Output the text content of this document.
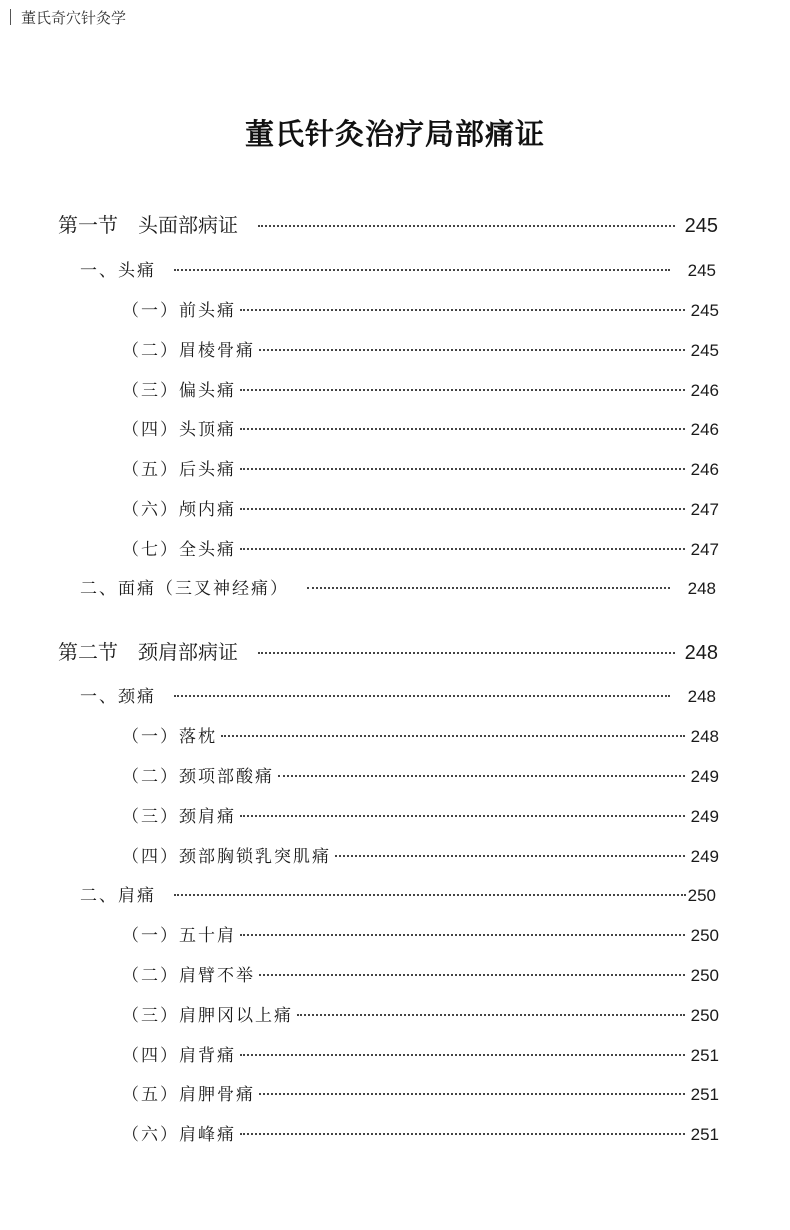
董氏奇穴针灸学
董氏针灸治疗局部痛证
第一节 头面部病证	245
一、头痛	245
（一）前头痛	245
（二）眉棱骨痛	245
（三）偏头痛	246
（四）头顶痛	246
（五）后头痛	246
（六）颅内痛	247
（七）全头痛	247
二、面痛（三叉神经痛）	248
第二节 颈肩部病证	248
一、颈痛	248
（一）落枕	248
（二）颈项部酸痛	249
（三）颈肩痛	249
（四）颈部胸锁乳突肌痛	249
二、肩痛	250
（一）五十肩	250
（二）肩臂不举	250
（三）肩胛冈以上痛	250
（四）肩背痛	251
（五）肩胛骨痛	251
（六）肩峰痛	251
